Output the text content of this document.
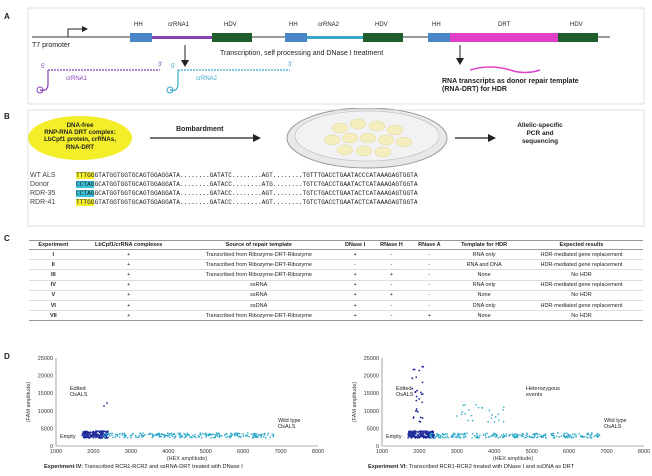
A
T7 promoter
HH	crRNA1	HDV	HH	crRNA2	HDV	HH	DRT	HDV
Transcription, self processing and DNase I treatment
5'	3'
crRNA1
5'	3'
crRNA2	RNA transcripts as donor repair template (RNA-DRT) for HDR
B
DNA-free
RNP-RNA DRT complex:
LbCpf1 protein, crRNAs,
RNA-DRT
Bombardment
Allelic-specific
PCR and
sequencing
WT ALS	TTTGGGTATGGTGGTGCAGTGGAGGATA........GATATC........AGT........TGTTTGACCTGAATACCCATAAAGAGTGGTA
Donor	CCTAGGCATGGTGGTGCAGTGGAGGATA........GATACC........ATG........TGTCTGACCTGAATACTCATAAAGAGTGGTA
RDR-35	CCTAGGCATGGTGGTGCAGTGGAGGATA........GATACC........AGT........TGTCTGACCTGAATACTCATAAAGAGTGGTA
RDR-41	TTTGGGTATGGTGGTGCAGTGGAGGATA........GATACC........AGT........TGTCTGACCTGAATACTCATAAAGAGTGGTA
C
Experiment	LbCpf1/crRNA complexes	Source of repair template	DNase I	RNase H	RNase A	Template for HDR	Expected results
I	+	Transcribed from Ribozyme-DRT-Ribozyme	+	-	-	RNA only	HDR-mediated gene replacement
II	+	Transcribed from Ribozyme-DRT-Ribozyme	-	-	-	RNA and DNA	HDR-mediated gene replacement
III	+	Transcribed from Ribozyme-DRT-Ribozyme	+	+	-	None	No HDR
IV	+	ssRNA	+	-	-	RNA only	HDR-mediated gene replacement
V	+	ssRNA	+	+	-	None	No HDR
VI	+	ssDNA	+	-	-	DNA only	HDR-mediated gene replacement
VII	+	Transcribed from Ribozyme-DRT-Ribozyme	+	-	+	None	No HDR
D	25000
20000
15000
10000
5000
0
1000	2000	3000	4000	5000	6000	7000	8000
(HEX amplitude)
(FAM amplitude)	Edited
OsALS
Empty
Wild type
OsALS
25000
20000
15000
10000
5000
0
1000	2000	3000	4000	5000	6000	7000	8000
(HEX amplitude)
(FAM amplitude)	Edited
OsALS
Empty
Wild type
OsALS
Heterozygous
events
Experiment IV: Transcribed RCR1-RCR2 and ssRNA-DRT treated with DNase I	Experiment VI: Transcribed RCR1-RCR2 treated with DNase I and ssDNA as DRT
